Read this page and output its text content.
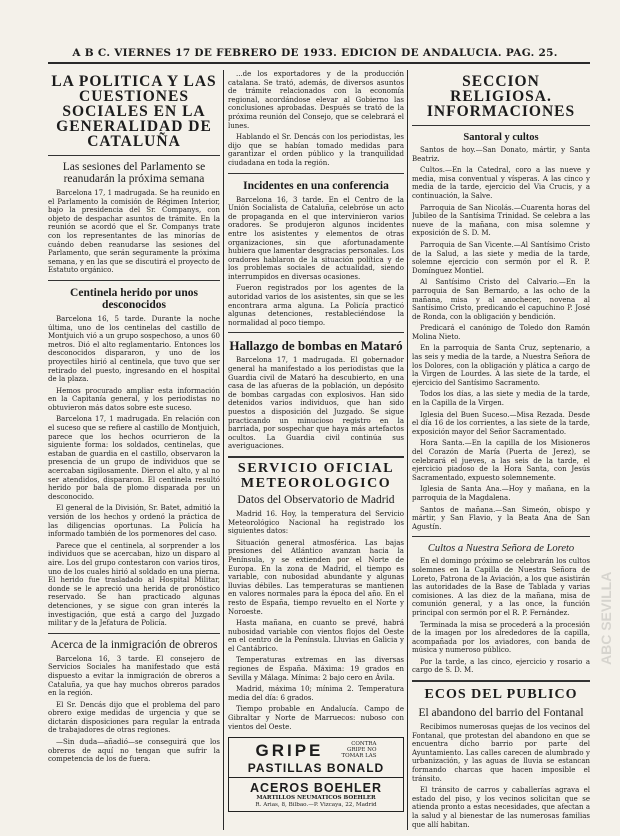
A B C. VIERNES 17 DE FEBRERO DE 1933. EDICION DE ANDALUCIA. PAG. 25.
LA POLITICA Y LAS CUESTIONES SOCIALES EN LA GENERALIDAD DE CATALUÑA
Las sesiones del Parlamento se reanudarán la próxima semana

Barcelona 17, 1 madrugada. Se ha reunido en el Parlamento la comisión de Régimen Interior, bajo la presidencia del Sr. Companys, con objeto de despachar asuntos de trámite. En la reunión se acordó que el Sr. Companys trate con los representantes de las minorías de cuándo deben reanudarse las sesiones del Parlamento, que serán seguramente la próxima semana, y en las que se discutirá el proyecto de Estatuto orgánico.

Centinela herido por unos desconocidos

Barcelona 16, 5 tarde. Durante la noche última, uno de los centinelas del castillo de Montjuich vió a un grupo sospechoso, a unos 60 metros. Dió el alto reglamentario. Entonces los desconocidos dispararon, y uno de los proyectiles hirió al centinela, que tuvo que ser retirado del puesto, ingresando en el hospital de la plaza.

Hemos procurado ampliar esta información en la Capitanía general, y los periodistas no obtuvieron más datos sobre este suceso.

Barcelona 17, 1 madrugada. En relación con el suceso que se refiere al castillo de Montjuich, parece que los hechos ocurrieron de la siguiente forma: los soldados, centinelas, que estaban de guardia en el castillo, observaron la presencia de un grupo de individuos que se acercaban sigilosamente. Dieron el alto, y al no ser atendidos, dispararon. El centinela resultó herido por bala de plomo disparada por un desconocido.

El general de la División, Sr. Batet, admitió la versión de los hechos y ordenó la práctica de las diligencias oportunas. La Policía ha informado también de los pormenores del caso.

Parece que el centinela, al sorprender a los individuos que se acercaban, hizo un disparo al aire. Los del grupo contestaron con varios tiros, uno de los cuales hirió al soldado en una pierna. El herido fue trasladado al Hospital Militar, donde se le apreció una herida de pronóstico reservado. Se han practicado algunas detenciones, y se sigue con gran interés la investigación, que está a cargo del Juzgado militar y de la Jefatura de Policía.

Acerca de la inmigración de obreros

Barcelona 16, 3 tarde. El consejero de Servicios Sociales ha manifestado que está dispuesto a evitar la inmigración de obreros a Cataluña, ya que hay muchos obreros parados en la región.

El Sr. Dencás dijo que el problema del paro obrero exige medidas de urgencia y que se dictarán disposiciones para regular la entrada de trabajadores de otras regiones.

—Sin duda—añadió—se conseguirá que los obreros de aquí no tengan que sufrir la competencia de los de fuera.

...de los exportadores y de la producción catalana. Se trató, además, de diversos asuntos de trámite relacionados con la economía regional, acordándose elevar al Gobierno las conclusiones aprobadas. Después se trató de la próxima reunión del Consejo, que se celebrará el lunes.

Hablando el Sr. Dencás con los periodistas, les dijo que se habían tomado medidas para garantizar el orden público y la tranquilidad ciudadana en toda la región.

Incidentes en una conferencia

Barcelona 16, 3 tarde. En el Centro de la Unión Socialista de Cataluña, celebróse un acto de propaganda en el que intervinieron varios oradores. Se produjeron algunos incidentes entre los asistentes y elementos de otras organizaciones, sin que afortunadamente hubiera que lamentar desgracias personales. Los oradores hablaron de la situación política y de los problemas sociales de actualidad, siendo interrumpidos en diversas ocasiones.

Fueron registrados por los agentes de la autoridad varios de los asistentes, sin que se les encontrara arma alguna. La Policía practicó algunas detenciones, restableciéndose la normalidad al poco tiempo.

Hallazgo de bombas en Mataró

Barcelona 17, 1 madrugada. El gobernador general ha manifestado a los periodistas que la Guardia civil de Mataró ha descubierto, en una casa de las afueras de la población, un depósito de bombas cargadas con explosivos. Han sido detenidos varios individuos, que han sido puestos a disposición del Juzgado. Se sigue practicando un minucioso registro en la barriada, por sospechar que haya más artefactos ocultos. La Guardia civil continúa sus averiguaciones.

SERVICIO OFICIAL METEOROLOGICO
Datos del Observatorio de Madrid

Madrid 16. Hoy, la temperatura del Servicio Meteorológico Nacional ha registrado los siguientes datos:

Situación general atmosférica. Las bajas presiones del Atlántico avanzan hacia la Península, y se extienden por el Norte de Europa. En la zona de Madrid, el tiempo es variable, con nubosidad abundante y algunas lluvias débiles. Las temperaturas se mantienen en valores normales para la época del año. En el resto de España, tiempo revuelto en el Norte y Noroeste.

Hasta mañana, en cuanto se prevé, habrá nubosidad variable con vientos flojos del Oeste en el centro de la Península. Lluvias en Galicia y el Cantábrico.

Temperaturas extremas en las diversas regiones de España. Máxima: 19 grados en Sevilla y Málaga. Mínima: 2 bajo cero en Ávila.

Madrid, máxima 10; mínima 2. Temperatura media del día: 6 grados.

Tiempo probable en Andalucía. Campo de Gibraltar y Norte de Marruecos: nuboso con vientos del Oeste.

GRIPE	CONTRA GRIPE NO TOMAR LAS
PASTILLAS BONALD
ACEROS BOEHLER
MARTILLOS NEUMATICOS BOEHLER
R. Arias, 8, Bilbao.—P. Vizcaya, 22, Madrid
SECCION RELIGIOSA. INFORMACIONES
Santoral y cultos

Santos de hoy.—San Donato, mártir, y Santa Beatriz.

Cultos.—En la Catedral, coro a las nueve y media, misa conventual y vísperas. A las cinco y media de la tarde, ejercicio del Via Crucis, y a continuación, la Salve.

Parroquia de San Nicolás.—Cuarenta horas del Jubileo de la Santísima Trinidad. Se celebra a las nueve de la mañana, con misa solemne y exposición de S. D. M.

Parroquia de San Vicente.—Al Santísimo Cristo de la Salud, a las siete y media de la tarde, solemne ejercicio con sermón por el R. P. Domínguez Montiel.

Al Santísimo Cristo del Calvario.—En la parroquia de San Bernardo, a las ocho de la mañana, misa y al anochecer, novena al Santísimo Cristo, predicando el capuchino P. José de Ronda, con la obligación y bendición.

Predicará el canónigo de Toledo don Ramón Molina Nieto.

En la parroquia de Santa Cruz, septenario, a las seis y media de la tarde, a Nuestra Señora de los Dolores, con la obligación y plática a cargo de la Virgen de Lourdes. A las siete de la tarde, el ejercicio del Santísimo Sacramento.

Todos los días, a las siete y media de la tarde, en la Capilla de la Virgen.

Iglesia del Buen Suceso.—Misa Rezada. Desde el día 16 de los corrientes, a las siete de la tarde, exposición mayor del Señor Sacramentado.

Hora Santa.—En la capilla de los Misioneros del Corazón de María (Puerta de Jerez), se celebrará el jueves, a las seis de la tarde, el ejercicio piadoso de la Hora Santa, con Jesús Sacramentado, expuesto solemnemente.

Iglesia de Santa Ana.—Hoy y mañana, en la parroquia de la Magdalena.

Santos de mañana.—San Simeón, obispo y mártir, y San Flavio, y la Beata Ana de San Agustín.

Cultos a Nuestra Señora de Loreto

En el domingo próximo se celebrarán los cultos solemnes en la Capilla de Nuestra Señora de Loreto, Patrona de la Aviación, a los que asistirán las autoridades de la Base de Tablada y varias comisiones. A las diez de la mañana, misa de comunión general, y a las once, la función principal con sermón por el R. P. Fernández.

Terminada la misa se procederá a la procesión de la imagen por los alrededores de la capilla, acompañada por los aviadores, con banda de música y numeroso público.

Por la tarde, a las cinco, ejercicio y rosario a cargo de S. D. M.

ECOS DEL PUBLICO
El abandono del barrio del Fontanal

Recibimos numerosas quejas de los vecinos del Fontanal, que protestan del abandono en que se encuentra dicho barrio por parte del Ayuntamiento. Las calles carecen de alumbrado y urbanización, y las aguas de lluvia se estancan formando charcas que hacen imposible el tránsito.

El tránsito de carros y caballerías agrava el estado del piso, y los vecinos solicitan que se atienda pronto a estas necesidades, que afectan a la salud y al bienestar de las numerosas familias que allí habitan.

ABC SEVILLA
